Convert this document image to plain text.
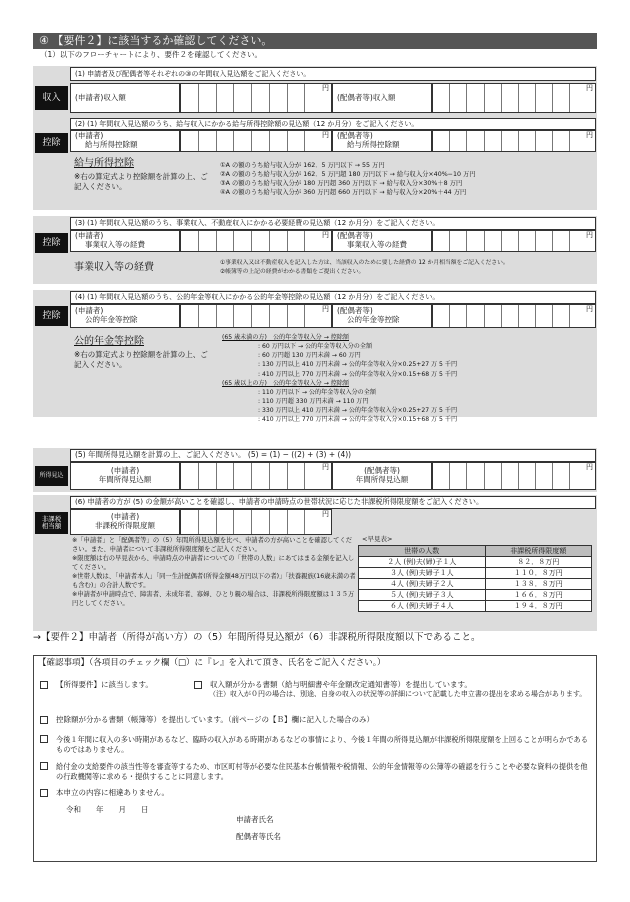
④ 【要件２】に該当するか確認してください。
（1）以下のフローチャートにより、要件２を確認してください。
(1) 申請者及び配偶者等それぞれの③の年間収入見込額をご記入ください。
収入	(申請者)収入額
円
(配偶者等)収入額
円
(2) (1) 年間収入見込額のうち、給与収入にかかる給与所得控除額の見込額（12 か月分）をご記入ください。
控除
(申請者)
給与所得控除額
円 (配偶者等)
給与所得控除額
円
給与所得控除
※右の算定式より控除額を計算の上、ご記入ください。
①A の額のうち給与収入分が 162．5 万円以下 → 55 万円
②A の額のうち給与収入分が 162．5 万円超 180 万円以下 → 給与収入分×40%−10 万円
③A の額のうち給与収入分が 180 万円超 360 万円以下 → 給与収入分×30%＋8 万円
④A の額のうち給与収入分が 360 万円超 660 万円以下 → 給与収入分×20%＋44 万円
(3) (1) 年間収入見込額のうち、事業収入、不動産収入にかかる必要経費の見込額（12 か月分）をご記入ください。
控除
(申請者)
事業収入等の経費
円 (配偶者等)
事業収入等の経費
円
事業収入等の経費	①事業収入又は不動産収入を記入した方は、当該収入のために要した経費の 12 か月相当額をご記入ください。
②帳簿等の上記の経費がわかる書類をご提出ください。
(4) (1) 年間収入見込額のうち、公的年金等収入にかかる公的年金等控除の見込額（12 か月分）をご記入ください。
控除	(申請者)
公的年金等控除
円 (配偶者等)
公的年金等控除
円
公的年金等控除
※右の算定式より控除額を計算の上、ご記入ください。
(65 歳未満の方)　公的年金等収入分 → 控除額
: 60 万円以下 → 公的年金等収入分の全額
: 60 万円超 130 万円未満 → 60 万円
: 130 万円以上 410 万円未満 → 公的年金等収入分×0.25+27 万 5 千円
: 410 万円以上 770 万円未満 → 公的年金等収入分×0.15+68 万 5 千円
(65 歳以上の方)　公的年金等収入分 → 控除額
: 110 万円以下 → 公的年金等収入分の全額
: 110 万円超 330 万円未満 → 110 万円
: 330 万円以上 410 万円未満 → 公的年金等収入分×0.25+27 万 5 千円
: 410 万円以上 770 万円未満 → 公的年金等収入分×0.15+68 万 5 千円
(5) 年間所得見込額を計算の上、ご記入ください。 (5) = (1) − ((2) + (3) + (4))
所得見込	(申請者)
年間所得見込額
円	(配偶者等)
年間所得見込額
円
(6) 申請者の方が (5) の金額が高いことを確認し、申請者の申請時点の世帯状況に応じた非課税所得限度額をご記入ください。
非課税
相当額
(申請者)
非課税所得限度額
円
※「申請者」と「配偶者等」の（5）年間所得見込額を比べ、申請者の方が高いことを確認してください。また、申請者について非課税所得限度額をご記入ください。
※限度額は右の早見表から、申請時点の申請者についての「世帯の人数」にあてはまる金額を記入してください。
※世帯人数は、「申請者本人」「同一生計配偶者(所得金額48万円以下の者)」「扶養親族(16歳未満の者も含む)」の合計人数です。
※申請者が申請時点で、障害者、未成年者、寡婦、ひとり親の場合は、非課税所得限度額は１３５万円としてください。
<早見表>
世帯の人数	非課税所得限度額
２人 (例)夫(婦)子１人	８２．８万円
３人 (例)夫婦子１人	１１０．８万円
４人 (例)夫婦子２人	１３８．８万円
５人 (例)夫婦子３人	１６６．８万円
６人 (例)夫婦子４人	１９４．８万円
→【要件２】申請者（所得が高い方）の（5）年間所得見込額が（6）非課税所得限度額以下であること。
【確認事項】（各項目のチェック欄（□）に『レ』を入れて頂き、氏名をご記入ください。）
【所得要件】に該当します。	収入額が分かる書類（給与明細書や年金額改定通知書等）を提出しています。
（注）収入が０円の場合は、別途、自身の収入の状況等の詳細について記載した申立書の提出を求める場合があります。
控除額が分かる書類（帳簿等）を提出しています。（前ページの【Ｂ】欄に記入した場合のみ）
今後１年間に収入の多い時期があるなど、臨時の収入がある時期があるなどの事情により、今後１年間の所得見込額が非課税所得限度額を上回ることが明らかであるものではありません。
給付金の支給要件の該当性等を審査等するため、市区町村等が必要な住民基本台帳情報や税情報、公的年金情報等の公簿等の確認を行うことや必要な資料の提供を他の行政機関等に求める・提供することに同意します。
本申立の内容に相違ありません。
令和　　年　　月　　日
申請者氏名
配偶者等氏名
